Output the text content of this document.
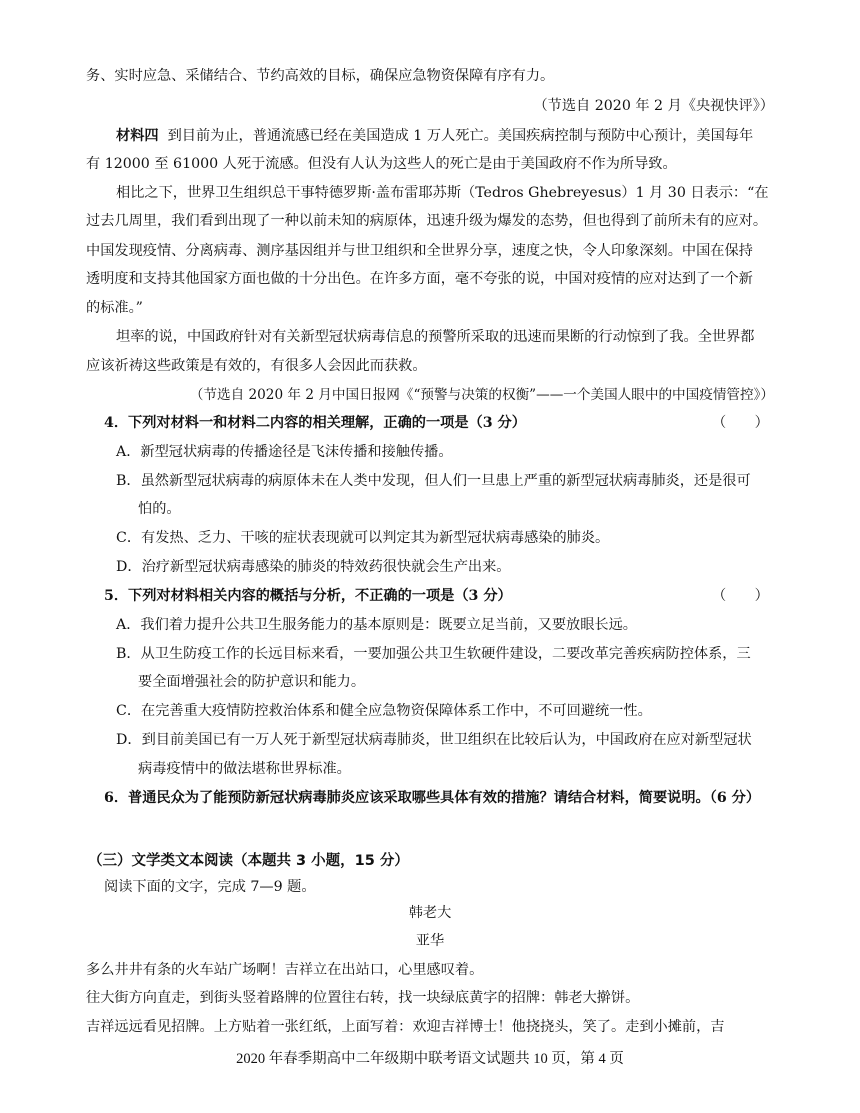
务、实时应急、采储结合、节约高效的目标，确保应急物资保障有序有力。
（节选自 2020 年 2 月《央视快评》）
材料四 到目前为止，普通流感已经在美国造成 1 万人死亡。美国疾病控制与预防中心预计，美国每年
有 12000 至 61000 人死于流感。但没有人认为这些人的死亡是由于美国政府不作为所导致。
相比之下，世界卫生组织总干事特德罗斯·盖布雷耶苏斯（Tedros Ghebreyesus）1 月 30 日表示：“在
过去几周里，我们看到出现了一种以前未知的病原体，迅速升级为爆发的态势，但也得到了前所未有的应对。
中国发现疫情、分离病毒、测序基因组并与世卫组织和全世界分享，速度之快，令人印象深刻。中国在保持
透明度和支持其他国家方面也做的十分出色。在许多方面，毫不夸张的说，中国对疫情的应对达到了一个新
的标准。”
坦率的说，中国政府针对有关新型冠状病毒信息的预警所采取的迅速而果断的行动惊到了我。全世界都
应该祈祷这些政策是有效的，有很多人会因此而获救。
（节选自 2020 年 2 月中国日报网《“预警与决策的权衡”——一个美国人眼中的中国疫情管控》）
4．下列对材料一和材料二内容的相关理解，正确的一项是（3 分）	（　　）
A．新型冠状病毒的传播途径是飞沫传播和接触传播。
B．虽然新型冠状病毒的病原体未在人类中发现，但人们一旦患上严重的新型冠状病毒肺炎，还是很可
怕的。
C．有发热、乏力、干咳的症状表现就可以判定其为新型冠状病毒感染的肺炎。
D．治疗新型冠状病毒感染的肺炎的特效药很快就会生产出来。
5．下列对材料相关内容的概括与分析，不正确的一项是（3 分）	（　　）
A．我们着力提升公共卫生服务能力的基本原则是：既要立足当前，又要放眼长远。
B．从卫生防疫工作的长远目标来看，一要加强公共卫生软硬件建设，二要改革完善疾病防控体系，三
要全面增强社会的防护意识和能力。
C．在完善重大疫情防控救治体系和健全应急物资保障体系工作中，不可回避统一性。
D．到目前美国已有一万人死于新型冠状病毒肺炎，世卫组织在比较后认为，中国政府在应对新型冠状
病毒疫情中的做法堪称世界标准。
6．普通民众为了能预防新冠状病毒肺炎应该采取哪些具体有效的措施？请结合材料，简要说明。（6 分）
（三）文学类文本阅读（本题共 3 小题，15 分）
阅读下面的文字，完成 7—9 题。
韩老大
亚华
多么井井有条的火车站广场啊！吉祥立在出站口，心里感叹着。
往大街方向直走，到街头竖着路牌的位置往右转，找一块绿底黄字的招牌：韩老大擀饼。
吉祥远远看见招牌。上方贴着一张红纸，上面写着：欢迎吉祥博士！他挠挠头，笑了。走到小摊前，吉
2020 年春季期高中二年级期中联考语文试题共 10 页，第 4 页
